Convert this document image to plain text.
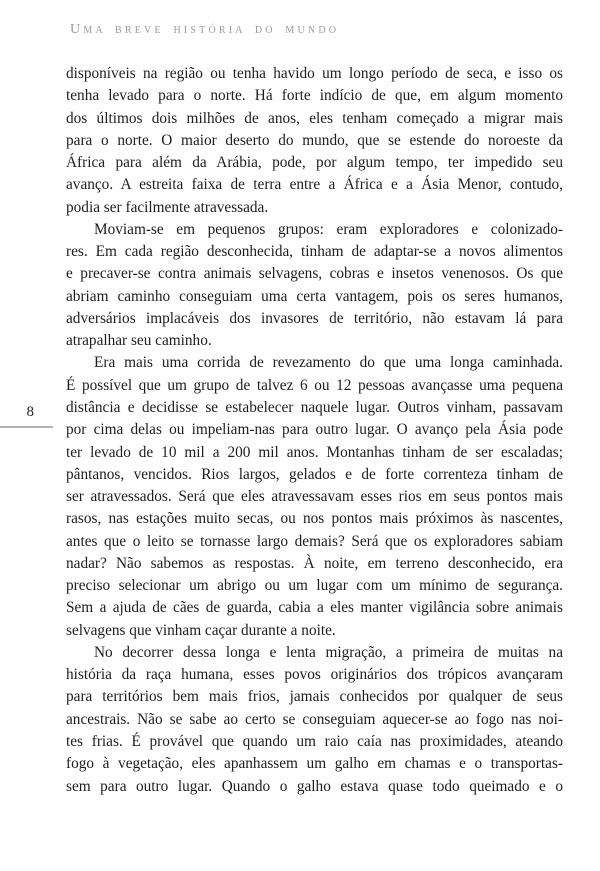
UMA BREVE HISTÓRIA DO MUNDO
8
disponíveis na região ou tenha havido um longo período de seca, e isso os
tenha levado para o norte. Há forte indício de que, em algum momento
dos últimos dois milhões de anos, eles tenham começado a migrar mais
para o norte. O maior deserto do mundo, que se estende do noroeste da
África para além da Arábia, pode, por algum tempo, ter impedido seu
avanço. A estreita faixa de terra entre a África e a Ásia Menor, contudo,
podia ser facilmente atravessada.
Moviam-se em pequenos grupos: eram exploradores e colonizado-
res. Em cada região desconhecida, tinham de adaptar-se a novos alimentos
e precaver-se contra animais selvagens, cobras e insetos venenosos. Os que
abriam caminho conseguiam uma certa vantagem, pois os seres humanos,
adversários implacáveis dos invasores de território, não estavam lá para
atrapalhar seu caminho.
Era mais uma corrida de revezamento do que uma longa caminhada.
É possível que um grupo de talvez 6 ou 12 pessoas avançasse uma pequena
distância e decidisse se estabelecer naquele lugar. Outros vinham, passavam
por cima delas ou impeliam-nas para outro lugar. O avanço pela Ásia pode
ter levado de 10 mil a 200 mil anos. Montanhas tinham de ser escaladas;
pântanos, vencidos. Rios largos, gelados e de forte correnteza tinham de
ser atravessados. Será que eles atravessavam esses rios em seus pontos mais
rasos, nas estações muito secas, ou nos pontos mais próximos às nascentes,
antes que o leito se tornasse largo demais? Será que os exploradores sabiam
nadar? Não sabemos as respostas. À noite, em terreno desconhecido, era
preciso selecionar um abrigo ou um lugar com um mínimo de segurança.
Sem a ajuda de cães de guarda, cabia a eles manter vigilância sobre animais
selvagens que vinham caçar durante a noite.
No decorrer dessa longa e lenta migração, a primeira de muitas na
história da raça humana, esses povos originários dos trópicos avançaram
para territórios bem mais frios, jamais conhecidos por qualquer de seus
ancestrais. Não se sabe ao certo se conseguiam aquecer-se ao fogo nas noi-
tes frias. É provável que quando um raio caía nas proximidades, ateando
fogo à vegetação, eles apanhassem um galho em chamas e o transportas-
sem para outro lugar. Quando o galho estava quase todo queimado e o
